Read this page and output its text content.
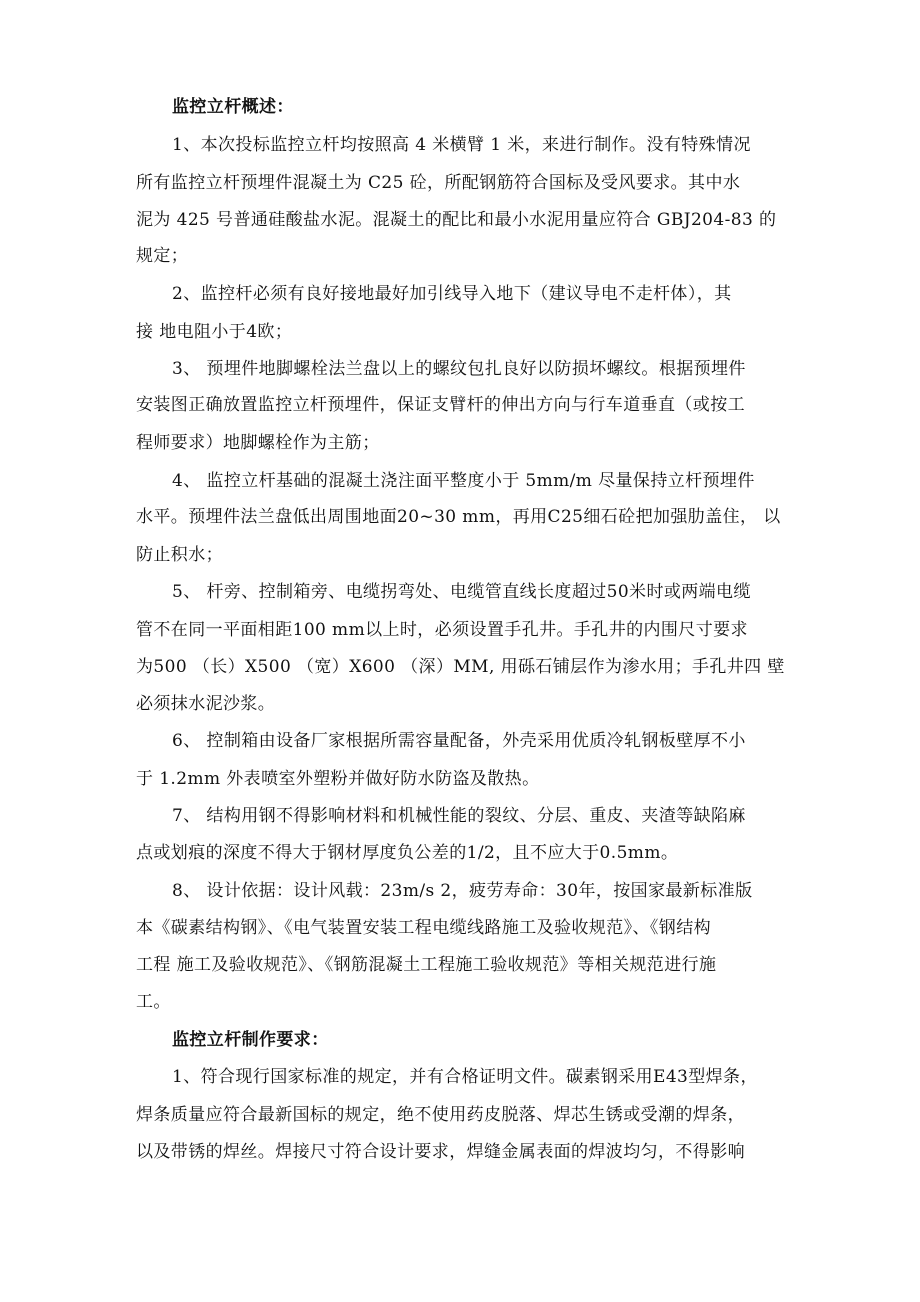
监控立杆概述：
1、本次投标监控立杆均按照高 4 米横臂 1 米，来进行制作。没有特殊情况
所有监控立杆预埋件混凝土为 C25 砼，所配钢筋符合国标及受风要求。其中水
泥为 425 号普通硅酸盐水泥。混凝土的配比和最小水泥用量应符合 GBJ204-83 的
规定；
2、监控杆必须有良好接地最好加引线导入地下（建议导电不走杆体），其
接 地电阻小于4欧；
3、 预埋件地脚螺栓法兰盘以上的螺纹包扎良好以防损坏螺纹。根据预埋件
安装图正确放置监控立杆预埋件，保证支臂杆的伸出方向与行车道垂直（或按工
程师要求）地脚螺栓作为主筋；
4、 监控立杆基础的混凝土浇注面平整度小于 5mm/m 尽量保持立杆预埋件
水平。预埋件法兰盘低出周围地面20~30 mm，再用C25细石砼把加强肋盖住， 以
防止积水；
5、 杆旁、控制箱旁、电缆拐弯处、电缆管直线长度超过50米时或两端电缆
管不在同一平面相距100 mm以上时，必须设置手孔井。手孔井的内围尺寸要求
为500 （长）X500 （宽）X600 （深）MM, 用砾石铺层作为渗水用；手孔井四 壁
必须抹水泥沙浆。
6、 控制箱由设备厂家根据所需容量配备，外壳采用优质冷轧钢板壁厚不小
于 1.2mm 外表喷室外塑粉并做好防水防盗及散热。
7、 结构用钢不得影响材料和机械性能的裂纹、分层、重皮、夹渣等缺陷麻
点或划痕的深度不得大于钢材厚度负公差的1/2，且不应大于0.5mm。
8、 设计依据：设计风载：23m/s 2，疲劳寿命：30年，按国家最新标准版
本《碳素结构钢》、《电气装置安装工程电缆线路施工及验收规范》、《钢结构
工程 施工及验收规范》、《钢筋混凝土工程施工验收规范》等相关规范进行施
工。
监控立杆制作要求：
1、符合现行国家标准的规定，并有合格证明文件。碳素钢采用E43型焊条，
焊条质量应符合最新国标的规定，绝不使用药皮脱落、焊芯生锈或受潮的焊条，
以及带锈的焊丝。焊接尺寸符合设计要求，焊缝金属表面的焊波均匀，不得影响
